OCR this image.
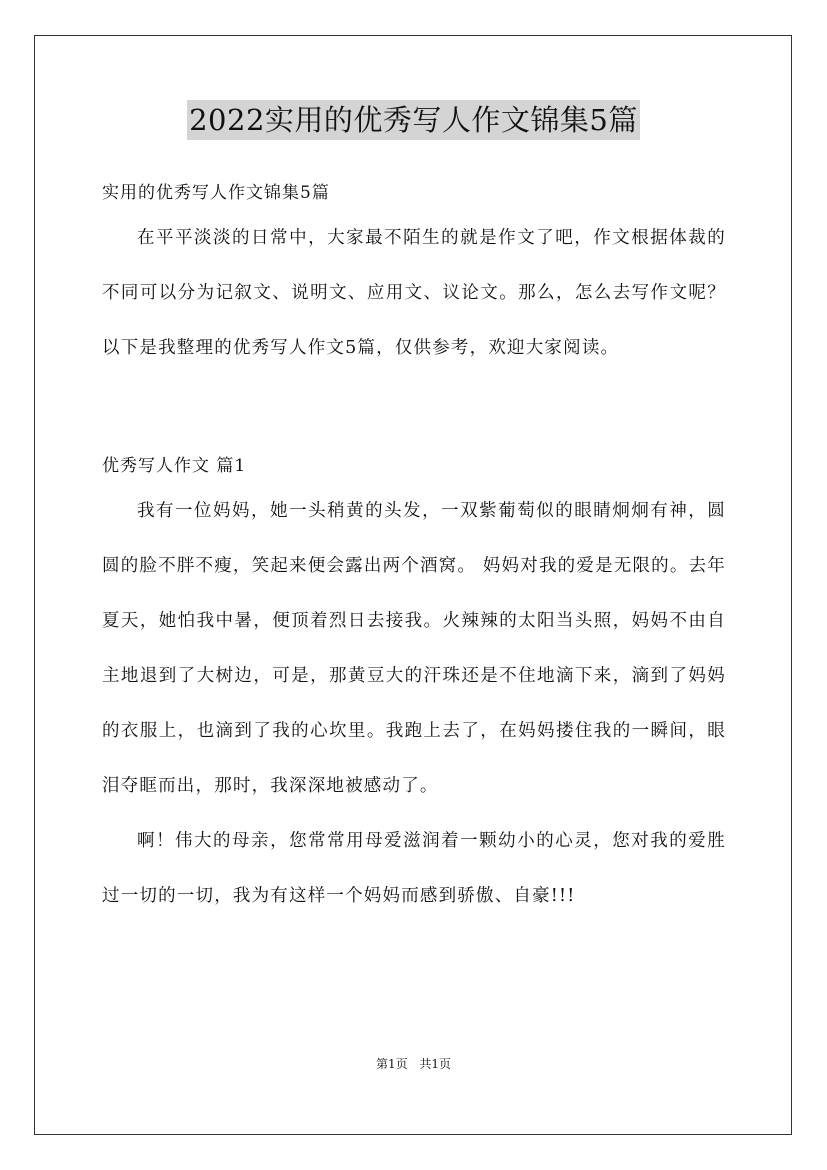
2022实用的优秀写人作文锦集5篇
实用的优秀写人作文锦集5篇

在平平淡淡的日常中，大家最不陌生的就是作文了吧，作文根据体裁的不同可以分为记叙文、说明文、应用文、议论文。那么，怎么去写作文呢？以下是我整理的优秀写人作文5篇，仅供参考，欢迎大家阅读。

优秀写人作文 篇1

我有一位妈妈，她一头稍黄的头发，一双紫葡萄似的眼睛炯炯有神，圆圆的脸不胖不瘦，笑起来便会露出两个酒窝。 妈妈对我的爱是无限的。去年夏天，她怕我中暑，便顶着烈日去接我。火辣辣的太阳当头照，妈妈不由自主地退到了大树边，可是，那黄豆大的汗珠还是不住地滴下来，滴到了妈妈的衣服上，也滴到了我的心坎里。我跑上去了，在妈妈搂住我的一瞬间，眼泪夺眶而出，那时，我深深地被感动了。

啊！伟大的母亲，您常常用母爱滋润着一颗幼小的心灵，您对我的爱胜过一切的一切，我为有这样一个妈妈而感到骄傲、自豪!!!

第1页 共1页
